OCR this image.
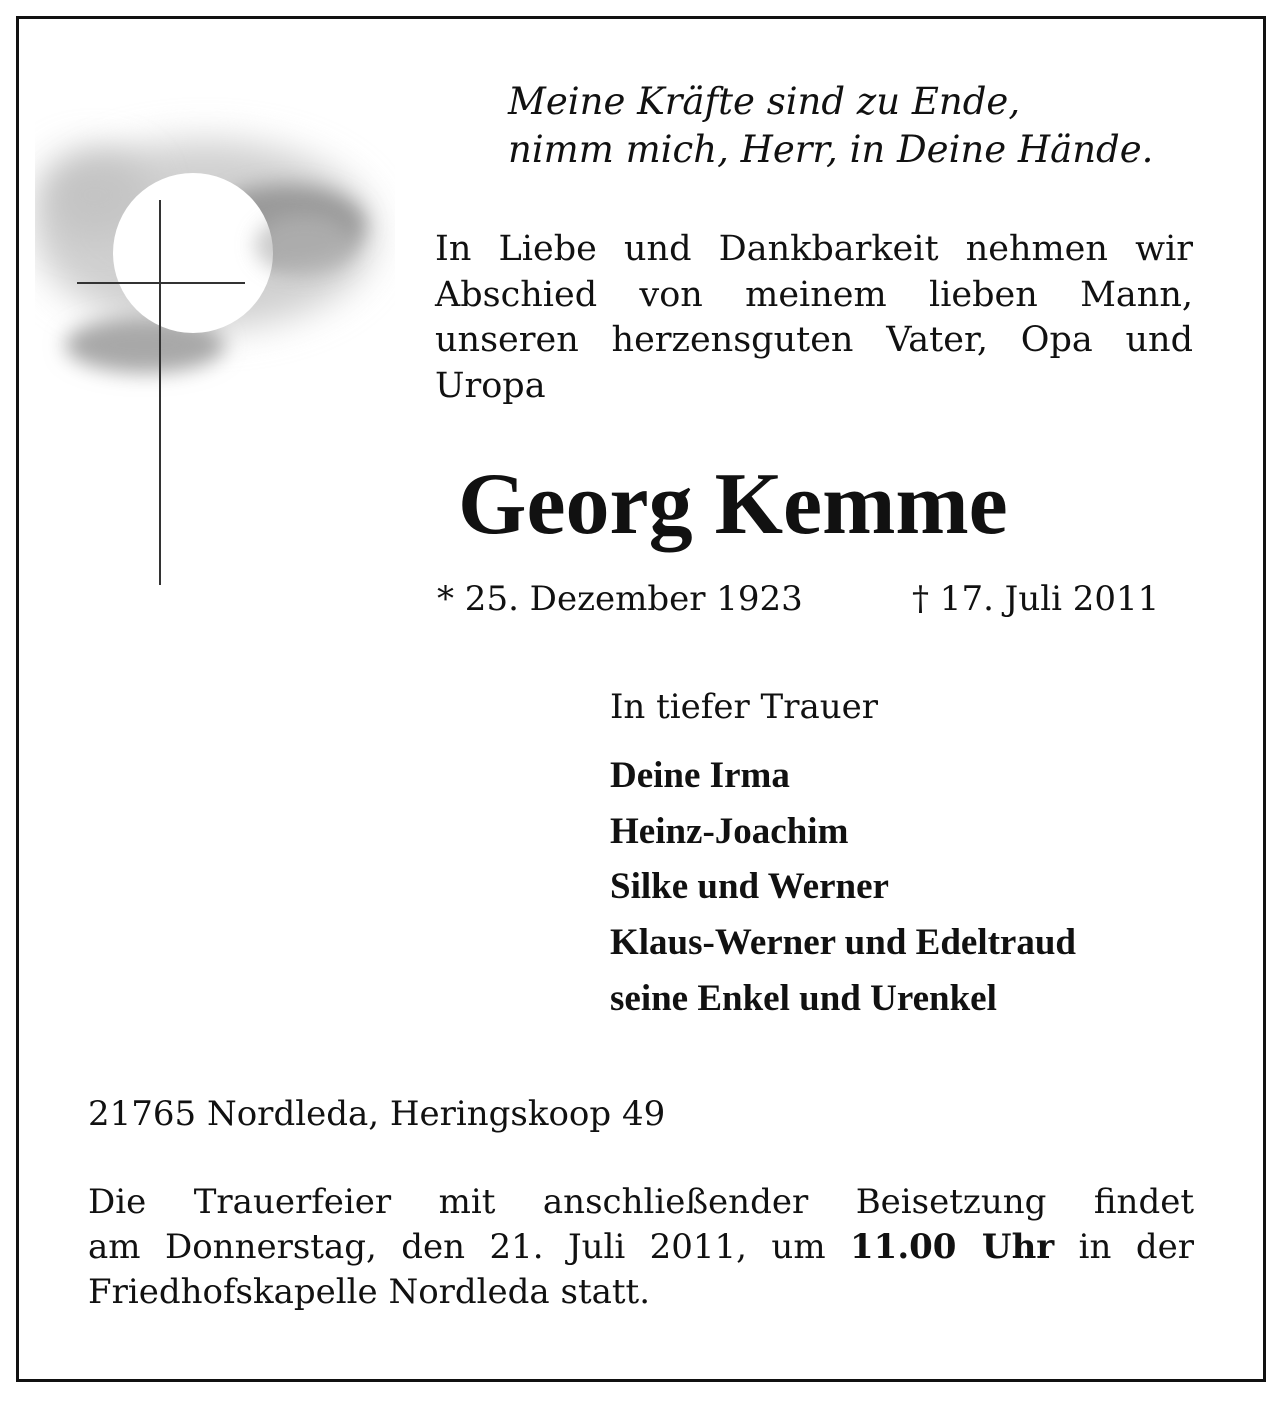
Meine Kräfte sind zu Ende,
nimm mich, Herr, in Deine Hände.
In Liebe und Dankbarkeit nehmen wir
Abschied von meinem lieben Mann,
unseren herzensguten Vater, Opa und
Uropa
Georg Kemme
* 25. Dezember 1923	† 17. Juli 2011
In tiefer Trauer
Deine Irma
Heinz-Joachim
Silke und Werner
Klaus-Werner und Edeltraud
seine Enkel und Urenkel
21765 Nordleda, Heringskoop 49
Die Trauerfeier mit anschließender Beisetzung findet
am Donnerstag, den 21. Juli 2011, um 11.00 Uhr in der
Friedhofskapelle Nordleda statt.
